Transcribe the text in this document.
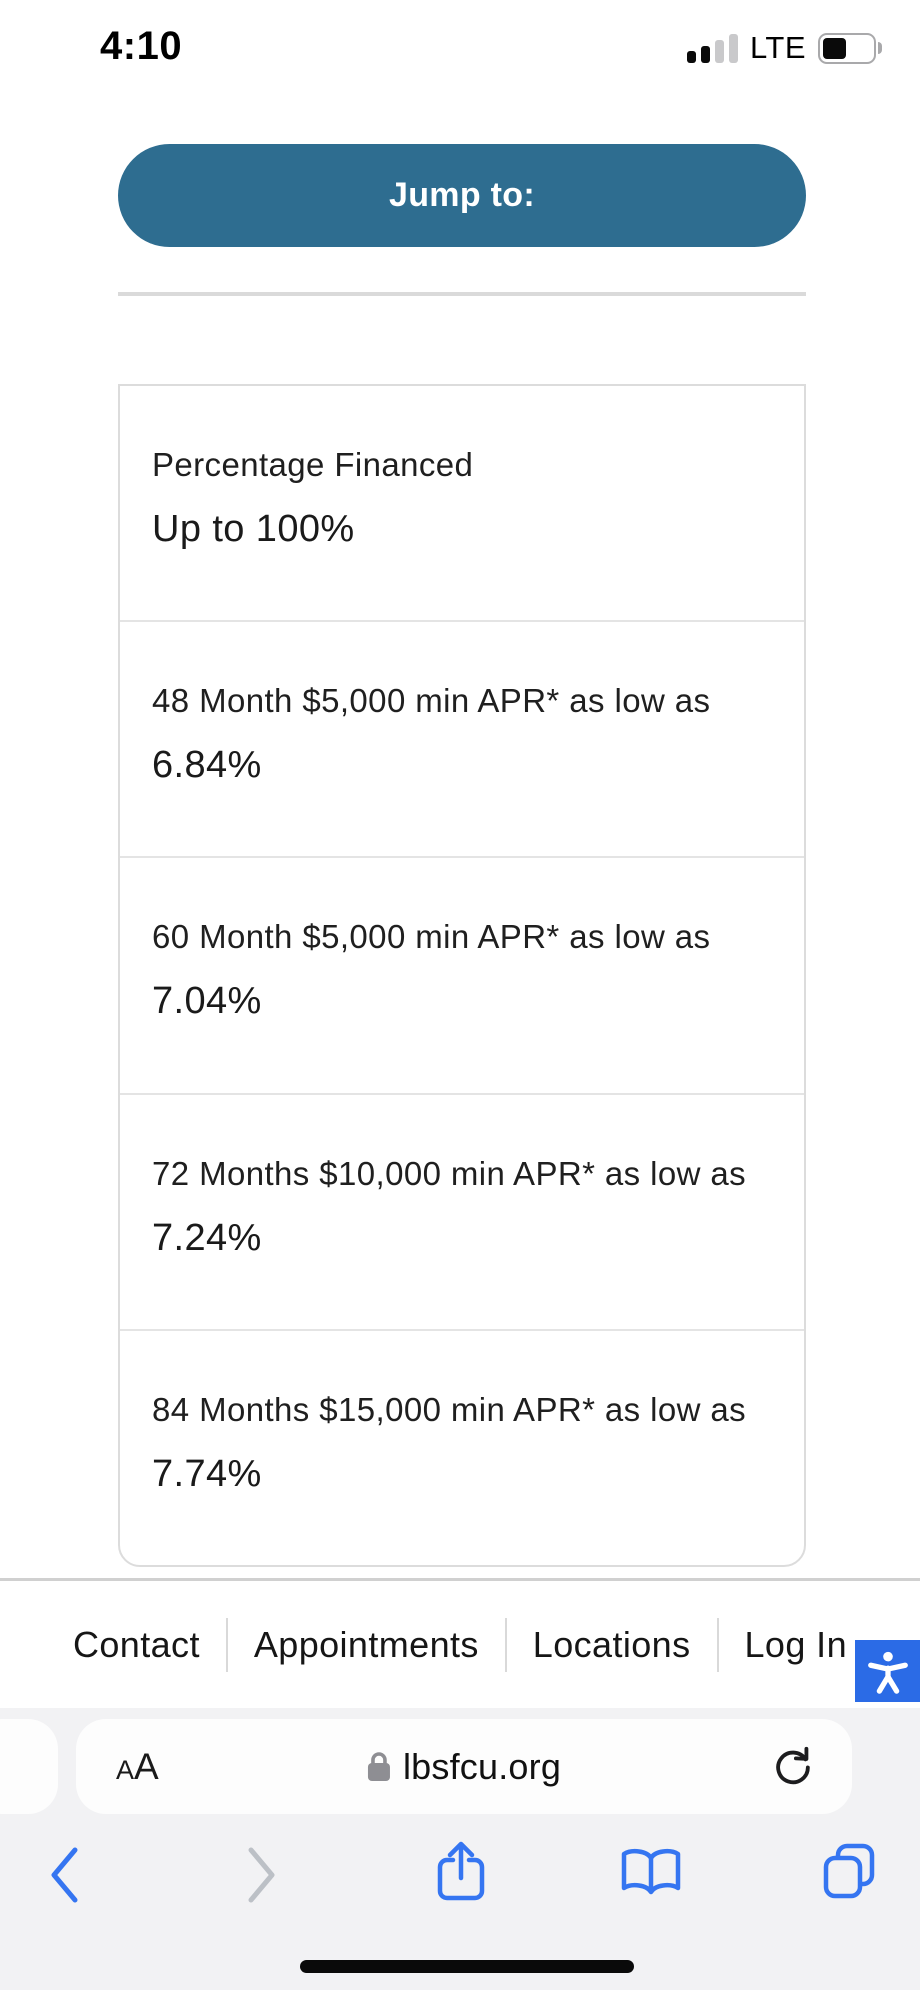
4:10	LTE
Jump to:
Percentage Financed
Up to 100%
48 Month $5,000 min APR* as low as
6.84%
60 Month $5,000 min APR* as low as
7.04%
72 Months $10,000 min APR* as low as
7.24%
84 Months $15,000 min APR* as low as
7.74%
Contact	Appointments	Locations	Log In
AA	lbsfcu.org
